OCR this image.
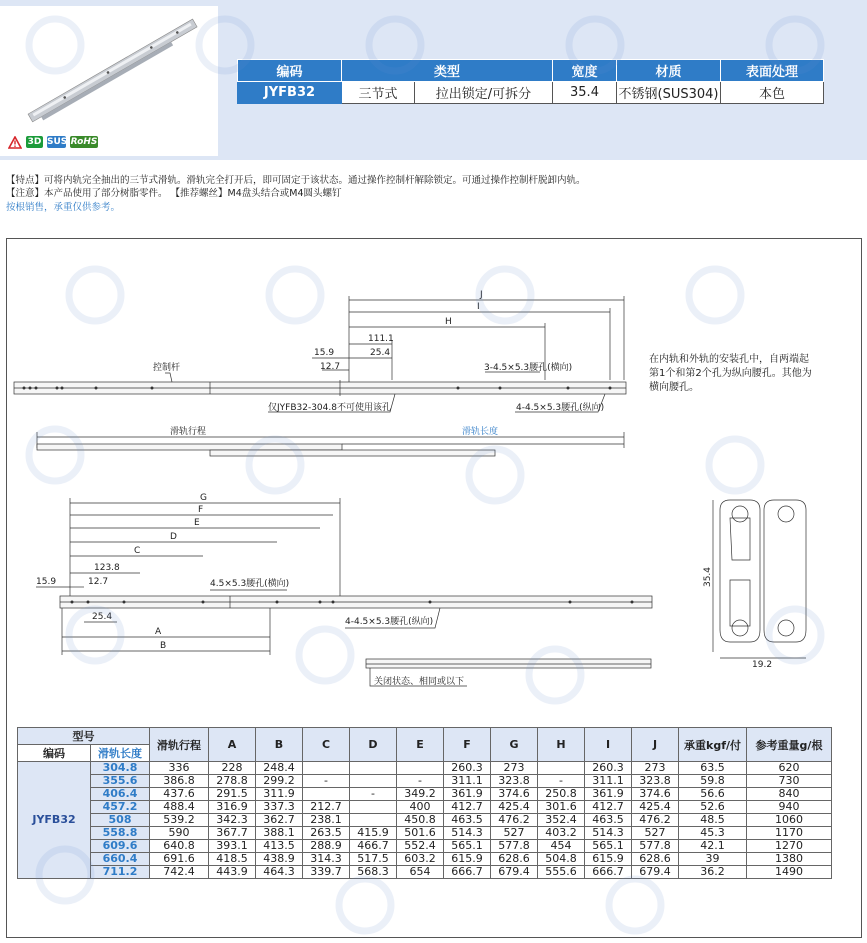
3D SUS RoHS
编码	类型		宽度	材质	表面处理
JYFB32	三节式	拉出锁定/可拆分	35.4	不锈钢(SUS304)	本色
【特点】可将内轨完全抽出的三节式滑轨。滑轨完全打开后，即可固定于该状态。通过操作控制杆解除锁定。可通过操作控制杆脱卸内轨。
【注意】本产品使用了部分树脂零件。 【推荐螺丝】M4盘头结合或M4圆头螺钉
按根销售，承重仅供参考。
J
I
H
111.1
15.9	25.4
12.7
控制杆	3-4.5×5.3腰孔(横向)
4-4.5×5.3腰孔(纵向)
仅JYFB32-304.8不可使用该孔
滑轨行程	滑轨长度
G
F
E
D
C
123.8
15.9	12.7	4.5×5.3腰孔(横向)
25.4	4-4.5×5.3腰孔(纵向)
A
B
关闭状态、相同或以下
35.4
19.2
在内轨和外轨的安装孔中，自两端起
第1个和第2个孔为纵向腰孔。其他为
横向腰孔。
型号		滑轨行程	A	B	C	D	E	F	G	H	I	J	承重kgf/付	参考重量g/根
编码	滑轨长度													
JYFB32	304.8	336	228	248.4				260.3	273		260.3	273	63.5	620
	355.6	386.8	278.8	299.2	-		-	311.1	323.8	-	311.1	323.8	59.8	730
	406.4	437.6	291.5	311.9		-	349.2	361.9	374.6	250.8	361.9	374.6	56.6	840
	457.2	488.4	316.9	337.3	212.7		400	412.7	425.4	301.6	412.7	425.4	52.6	940
	508	539.2	342.3	362.7	238.1		450.8	463.5	476.2	352.4	463.5	476.2	48.5	1060
	558.8	590	367.7	388.1	263.5	415.9	501.6	514.3	527	403.2	514.3	527	45.3	1170
	609.6	640.8	393.1	413.5	288.9	466.7	552.4	565.1	577.8	454	565.1	577.8	42.1	1270
	660.4	691.6	418.5	438.9	314.3	517.5	603.2	615.9	628.6	504.8	615.9	628.6	39	1380
	711.2	742.4	443.9	464.3	339.7	568.3	654	666.7	679.4	555.6	666.7	679.4	36.2	1490
